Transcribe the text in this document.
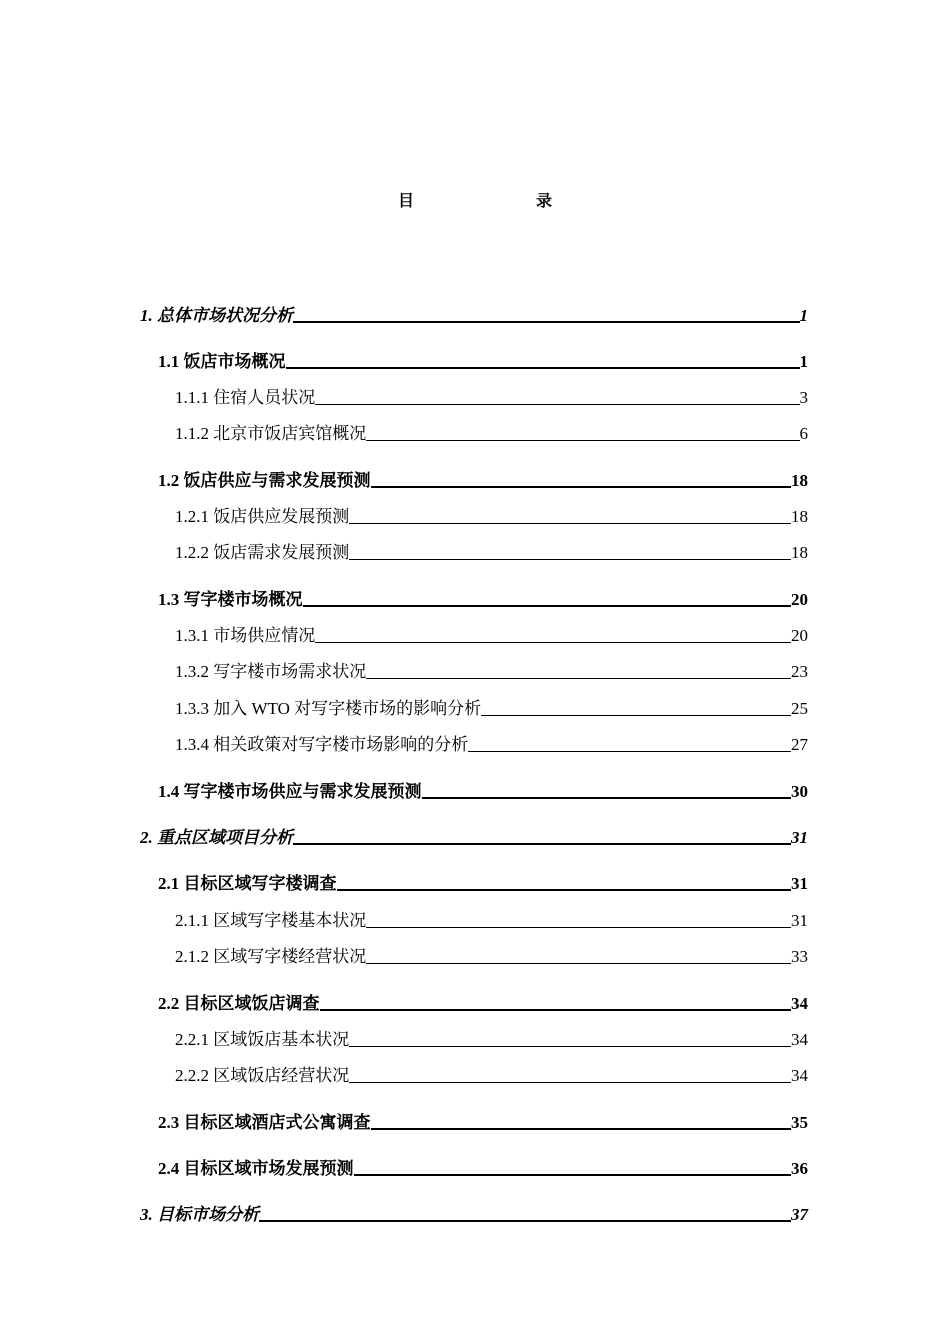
目　　录
1. 总体市场状况分析	1
1.1 饭店市场概况	1
1.1.1 住宿人员状况	3
1.1.2 北京市饭店宾馆概况	6
1.2 饭店供应与需求发展预测	18
1.2.1 饭店供应发展预测	18
1.2.2 饭店需求发展预测	18
1.3 写字楼市场概况	20
1.3.1 市场供应情况	20
1.3.2 写字楼市场需求状况	23
1.3.3 加入 WTO 对写字楼市场的影响分析	25
1.3.4 相关政策对写字楼市场影响的分析	27
1.4 写字楼市场供应与需求发展预测	30
2. 重点区域项目分析	31
2.1 目标区域写字楼调查	31
2.1.1 区域写字楼基本状况	31
2.1.2 区域写字楼经营状况	33
2.2 目标区域饭店调查	34
2.2.1 区域饭店基本状况	34
2.2.2 区域饭店经营状况	34
2.3 目标区域酒店式公寓调查	35
2.4 目标区域市场发展预测	36
3. 目标市场分析	37
